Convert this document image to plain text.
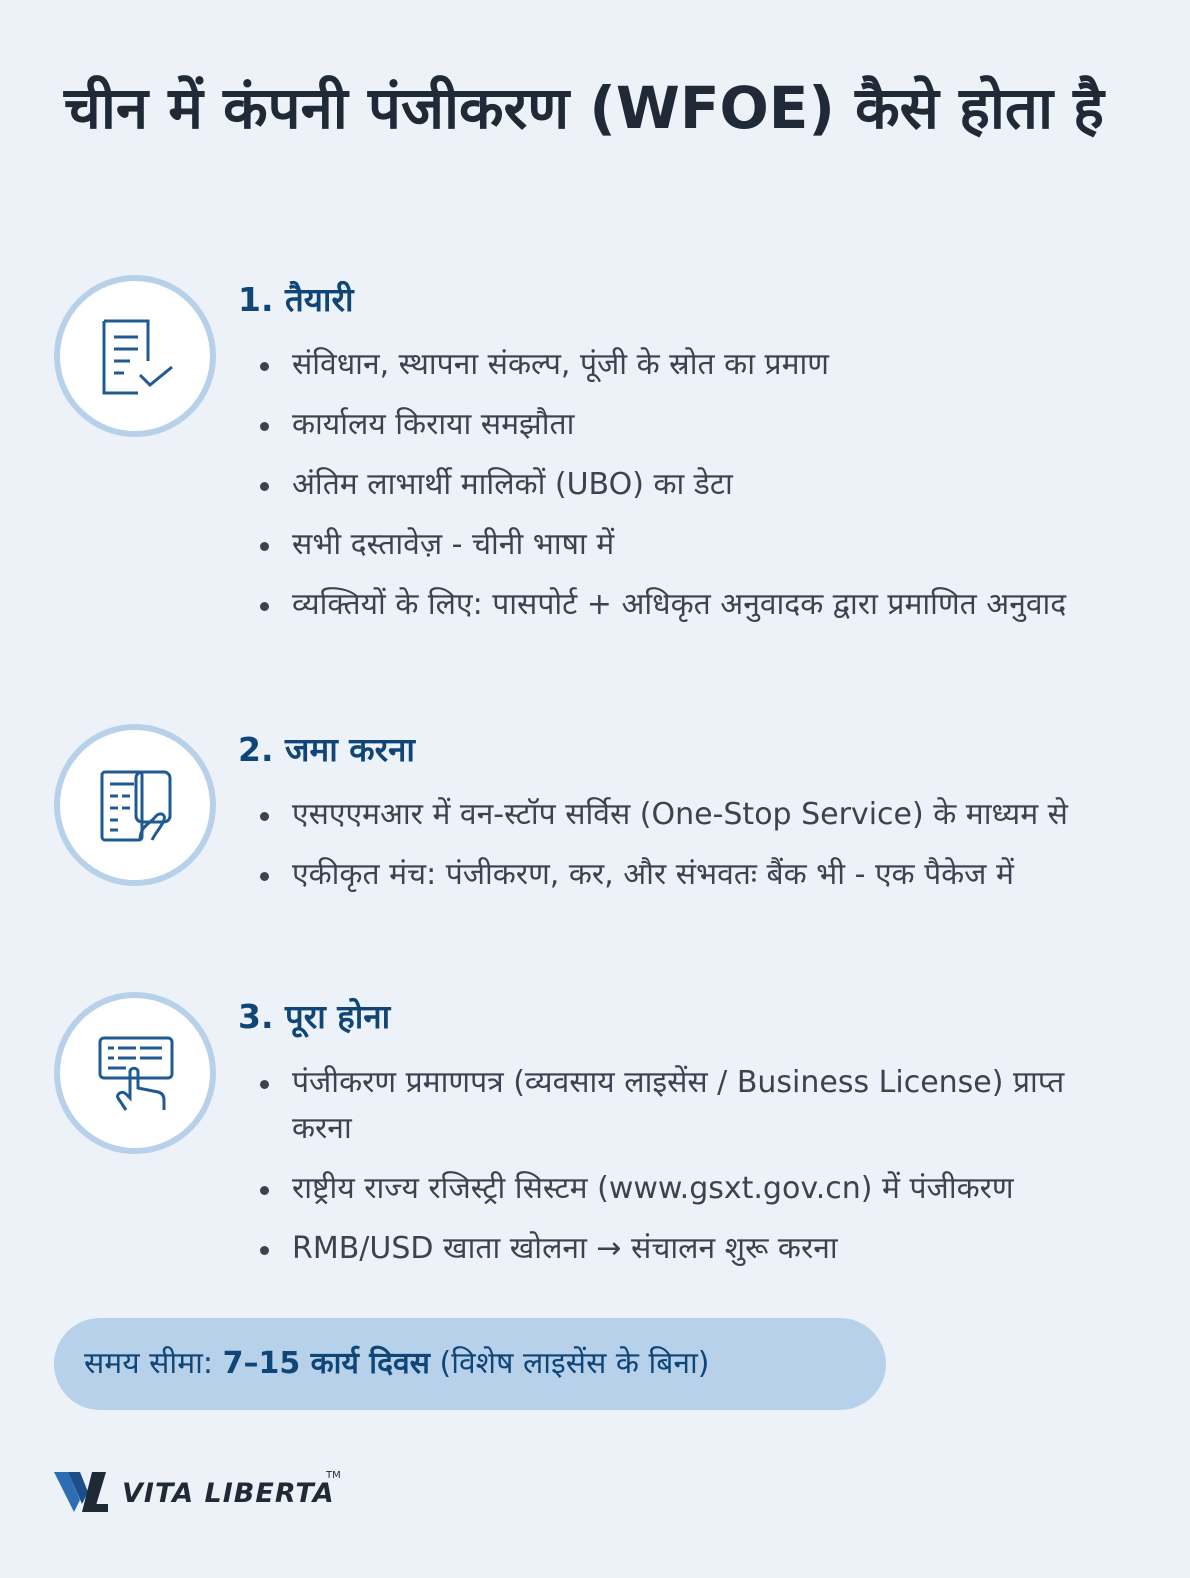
चीन में कंपनी पंजीकरण (WFOE) कैसे होता है
1. तैयारी
संविधान, स्थापना संकल्प, पूंजी के स्रोत का प्रमाण
कार्यालय किराया समझौता
अंतिम लाभार्थी मालिकों (UBO) का डेटा
सभी दस्तावेज़ - चीनी भाषा में
व्यक्तियों के लिए: पासपोर्ट + अधिकृत अनुवादक द्वारा प्रमाणित अनुवाद
2. जमा करना
एसएएमआर में वन-स्टॉप सर्विस (One-Stop Service) के माध्यम से
एकीकृत मंच: पंजीकरण, कर, और संभवतः बैंक भी - एक पैकेज में
3. पूरा होना
पंजीकरण प्रमाणपत्र (व्यवसाय लाइसेंस / Business License) प्राप्त करना
राष्ट्रीय राज्य रजिस्ट्री सिस्टम (www.gsxt.gov.cn) में पंजीकरण
RMB/USD खाता खोलना → संचालन शुरू करना
समय सीमा: 7–15 कार्य दिवस (विशेष लाइसेंस के बिना)
VITA LIBERTA
TM
